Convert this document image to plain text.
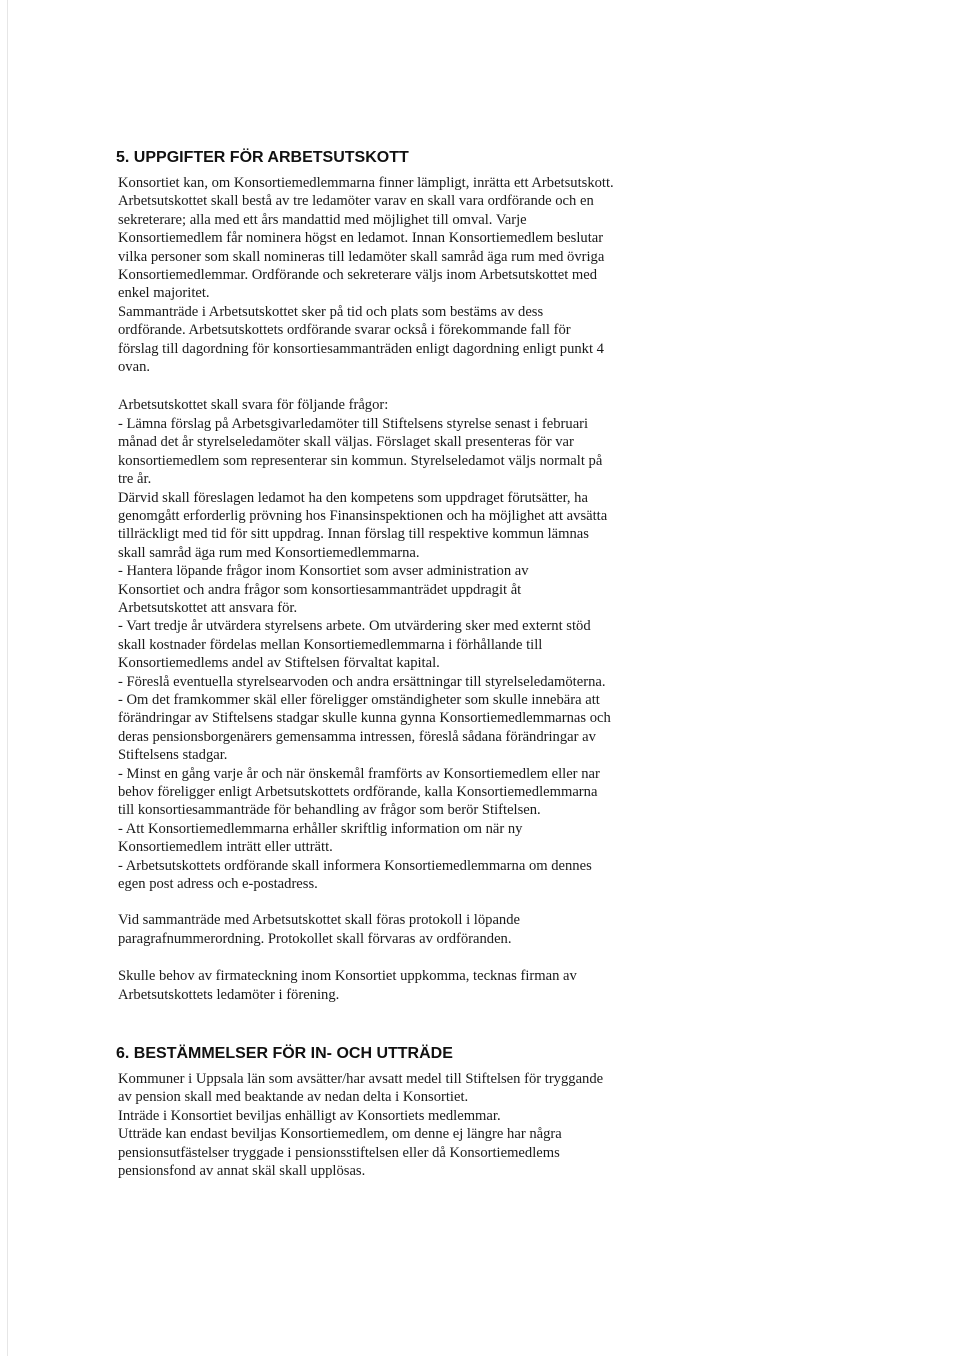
5. UPPGIFTER FÖR ARBETSUTSKOTT

Konsortiet kan, om Konsortiemedlemmarna finner lämpligt, inrätta ett Arbetsutskott.

Arbetsutskottet skall bestå av tre ledamöter varav en skall vara ordförande och en

sekreterare; alla med ett års mandattid med möjlighet till omval. Varje

Konsortiemedlem får nominera högst en ledamot. Innan Konsortiemedlem beslutar

vilka personer som skall nomineras till ledamöter skall samråd äga rum med övriga

Konsortiemedlemmar. Ordförande och sekreterare väljs inom Arbetsutskottet med

enkel majoritet.

Sammanträde i Arbetsutskottet sker på tid och plats som bestäms av dess

ordförande. Arbetsutskottets ordförande svarar också i förekommande fall för

förslag till dagordning för konsortiesammanträden enligt dagordning enligt punkt 4

ovan.

Arbetsutskottet skall svara för följande frågor:

- Lämna förslag på Arbetsgivarledamöter till Stiftelsens styrelse senast i februari

månad det år styrelseledamöter skall väljas. Förslaget skall presenteras för var

konsortiemedlem som representerar sin kommun. Styrelseledamot väljs normalt på

tre år.

Därvid skall föreslagen ledamot ha den kompetens som uppdraget förutsätter, ha

genomgått erforderlig prövning hos Finansinspektionen och ha möjlighet att avsätta

tillräckligt med tid för sitt uppdrag. Innan förslag till respektive kommun lämnas

skall samråd äga rum med Konsortiemedlemmarna.

- Hantera löpande frågor inom Konsortiet som avser administration av

Konsortiet och andra frågor som konsortiesammanträdet uppdragit åt

Arbetsutskottet att ansvara för.

- Vart tredje år utvärdera styrelsens arbete. Om utvärdering sker med externt stöd

skall kostnader fördelas mellan Konsortiemedlemmarna i förhållande till

Konsortiemedlems andel av Stiftelsen förvaltat kapital.

- Föreslå eventuella styrelsearvoden och andra ersättningar till styrelseledamöterna.

- Om det framkommer skäl eller föreligger omständigheter som skulle innebära att

förändringar av Stiftelsens stadgar skulle kunna gynna Konsortiemedlemmarnas och

deras pensionsborgenärers gemensamma intressen, föreslå sådana förändringar av

Stiftelsens stadgar.

- Minst en gång varje år och när önskemål framförts av Konsortiemedlem eller nar

behov föreligger enligt Arbetsutskottets ordförande, kalla Konsortiemedlemmarna

till konsortiesammanträde för behandling av frågor som berör Stiftelsen.

- Att Konsortiemedlemmarna erhåller skriftlig information om när ny

Konsortiemedlem inträtt eller utträtt.

- Arbetsutskottets ordförande skall informera Konsortiemedlemmarna om dennes

egen post adress och e-postadress.

Vid sammanträde med Arbetsutskottet skall föras protokoll i löpande

paragrafnummerordning. Protokollet skall förvaras av ordföranden.

Skulle behov av firmateckning inom Konsortiet uppkomma, tecknas firman av

Arbetsutskottets ledamöter i förening.

6. BESTÄMMELSER FÖR IN- OCH UTTRÄDE

Kommuner i Uppsala län som avsätter/har avsatt medel till Stiftelsen för tryggande

av pension skall med beaktande av nedan delta i Konsortiet.

Inträde i Konsortiet beviljas enhälligt av Konsortiets medlemmar.

Utträde kan endast beviljas Konsortiemedlem, om denne ej längre har några

pensionsutfästelser tryggade i pensionsstiftelsen eller då Konsortiemedlems

pensionsfond av annat skäl skall upplösas.
